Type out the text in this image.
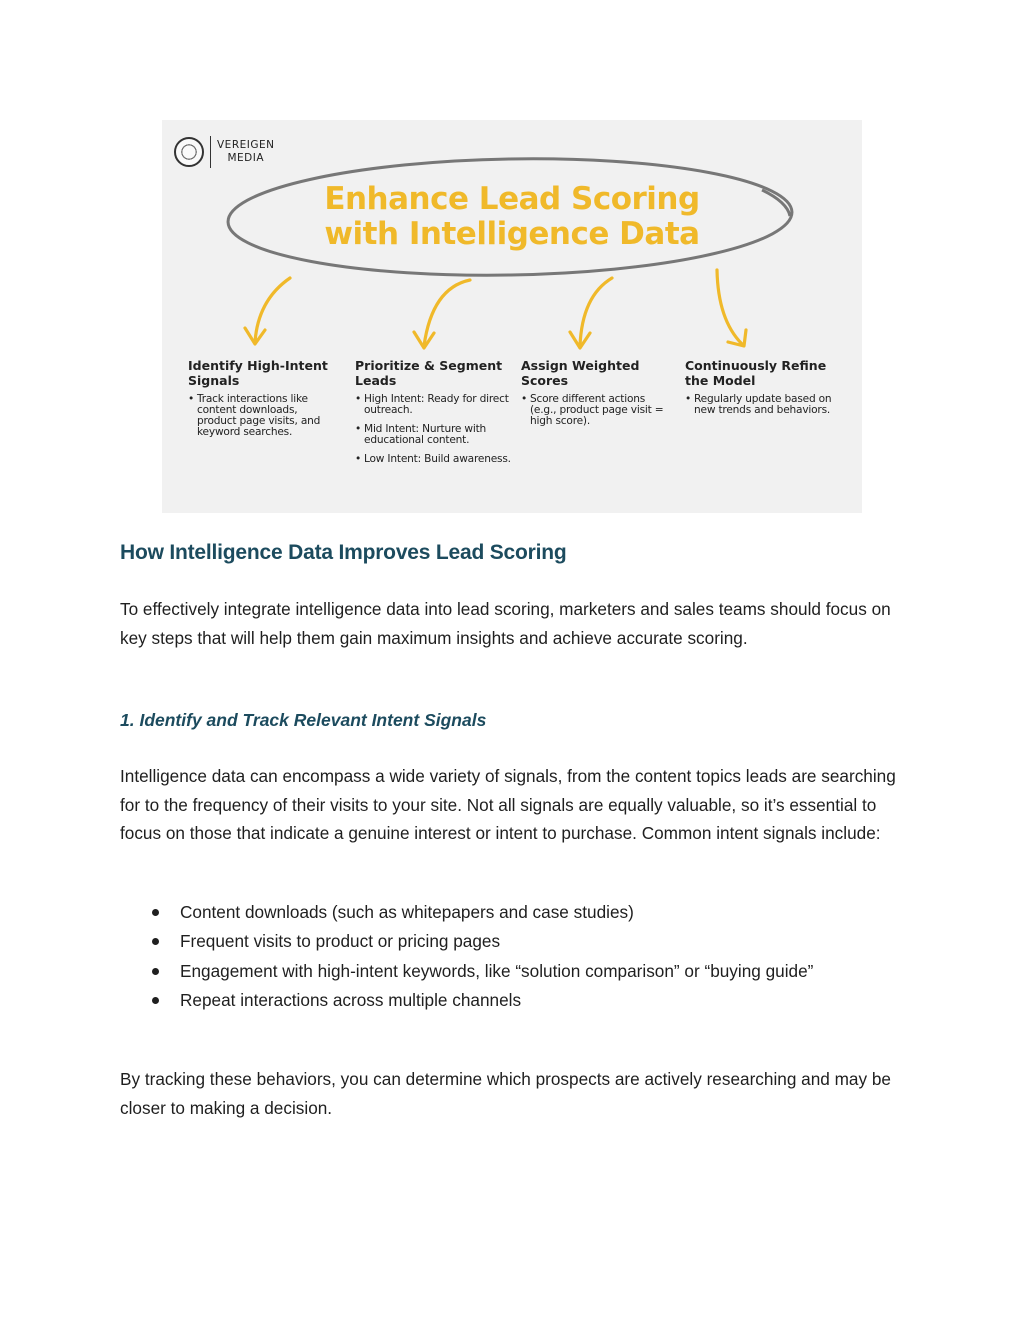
VEREIGEN
MEDIA
Enhance Lead Scoring
with Intelligence Data
Identify High-Intent Signals
• Track interactions like content downloads, product page visits, and keyword searches.
Prioritize & Segment Leads
• High Intent: Ready for direct outreach.
• Mid Intent: Nurture with educational content.
• Low Intent: Build awareness.
Assign Weighted Scores
• Score different actions (e.g., product page visit = high score).
Continuously Refine the Model
• Regularly update based on new trends and behaviors.
How Intelligence Data Improves Lead Scoring

To effectively integrate intelligence data into lead scoring, marketers and sales teams should focus on key steps that will help them gain maximum insights and achieve accurate scoring.

1. Identify and Track Relevant Intent Signals

Intelligence data can encompass a wide variety of signals, from the content topics leads are searching for to the frequency of their visits to your site. Not all signals are equally valuable, so it’s essential to focus on those that indicate a genuine interest or intent to purchase. Common intent signals include:

Content downloads (such as whitepapers and case studies)
Frequent visits to product or pricing pages
Engagement with high-intent keywords, like “solution comparison” or “buying guide”
Repeat interactions across multiple channels

By tracking these behaviors, you can determine which prospects are actively researching and may be closer to making a decision.
